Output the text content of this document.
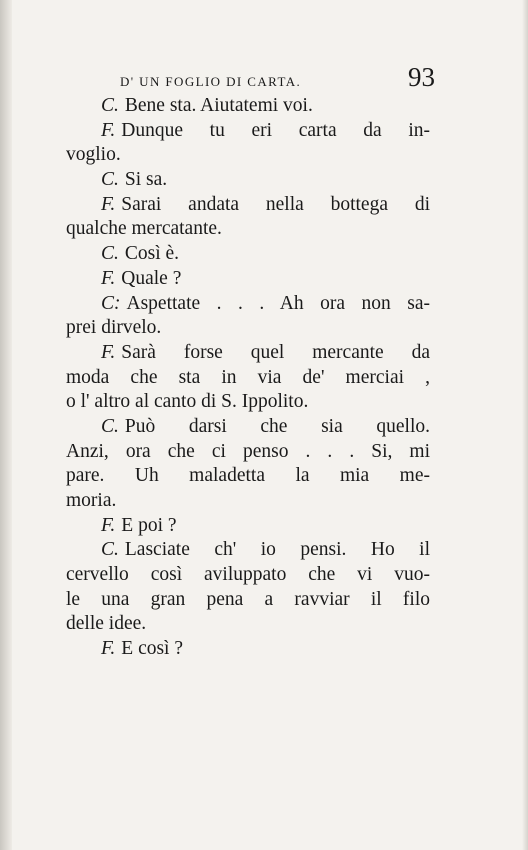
D' UN FOGLIO DI CARTA.	93
C. Bene sta. Aiutatemi voi.
F. Dunque tu eri carta da in-
voglio.
C. Si sa.
F. Sarai andata nella bottega di
qualche mercatante.
C. Così è.
F. Quale ?
C: Aspettate . . . Ah ora non sa-
prei dirvelo.
F. Sarà forse quel mercante da
moda che sta in via de' merciai ,
o l' altro al canto di S. Ippolito.
C. Può darsi che sia quello.
Anzi, ora che ci penso . . . Si, mi
pare. Uh maladetta la mia me-
moria.
F. E poi ?
C. Lasciate ch' io pensi. Ho il
cervello così aviluppato che vi vuo-
le una gran pena a ravviar il filo
delle idee.
F. E così ?
